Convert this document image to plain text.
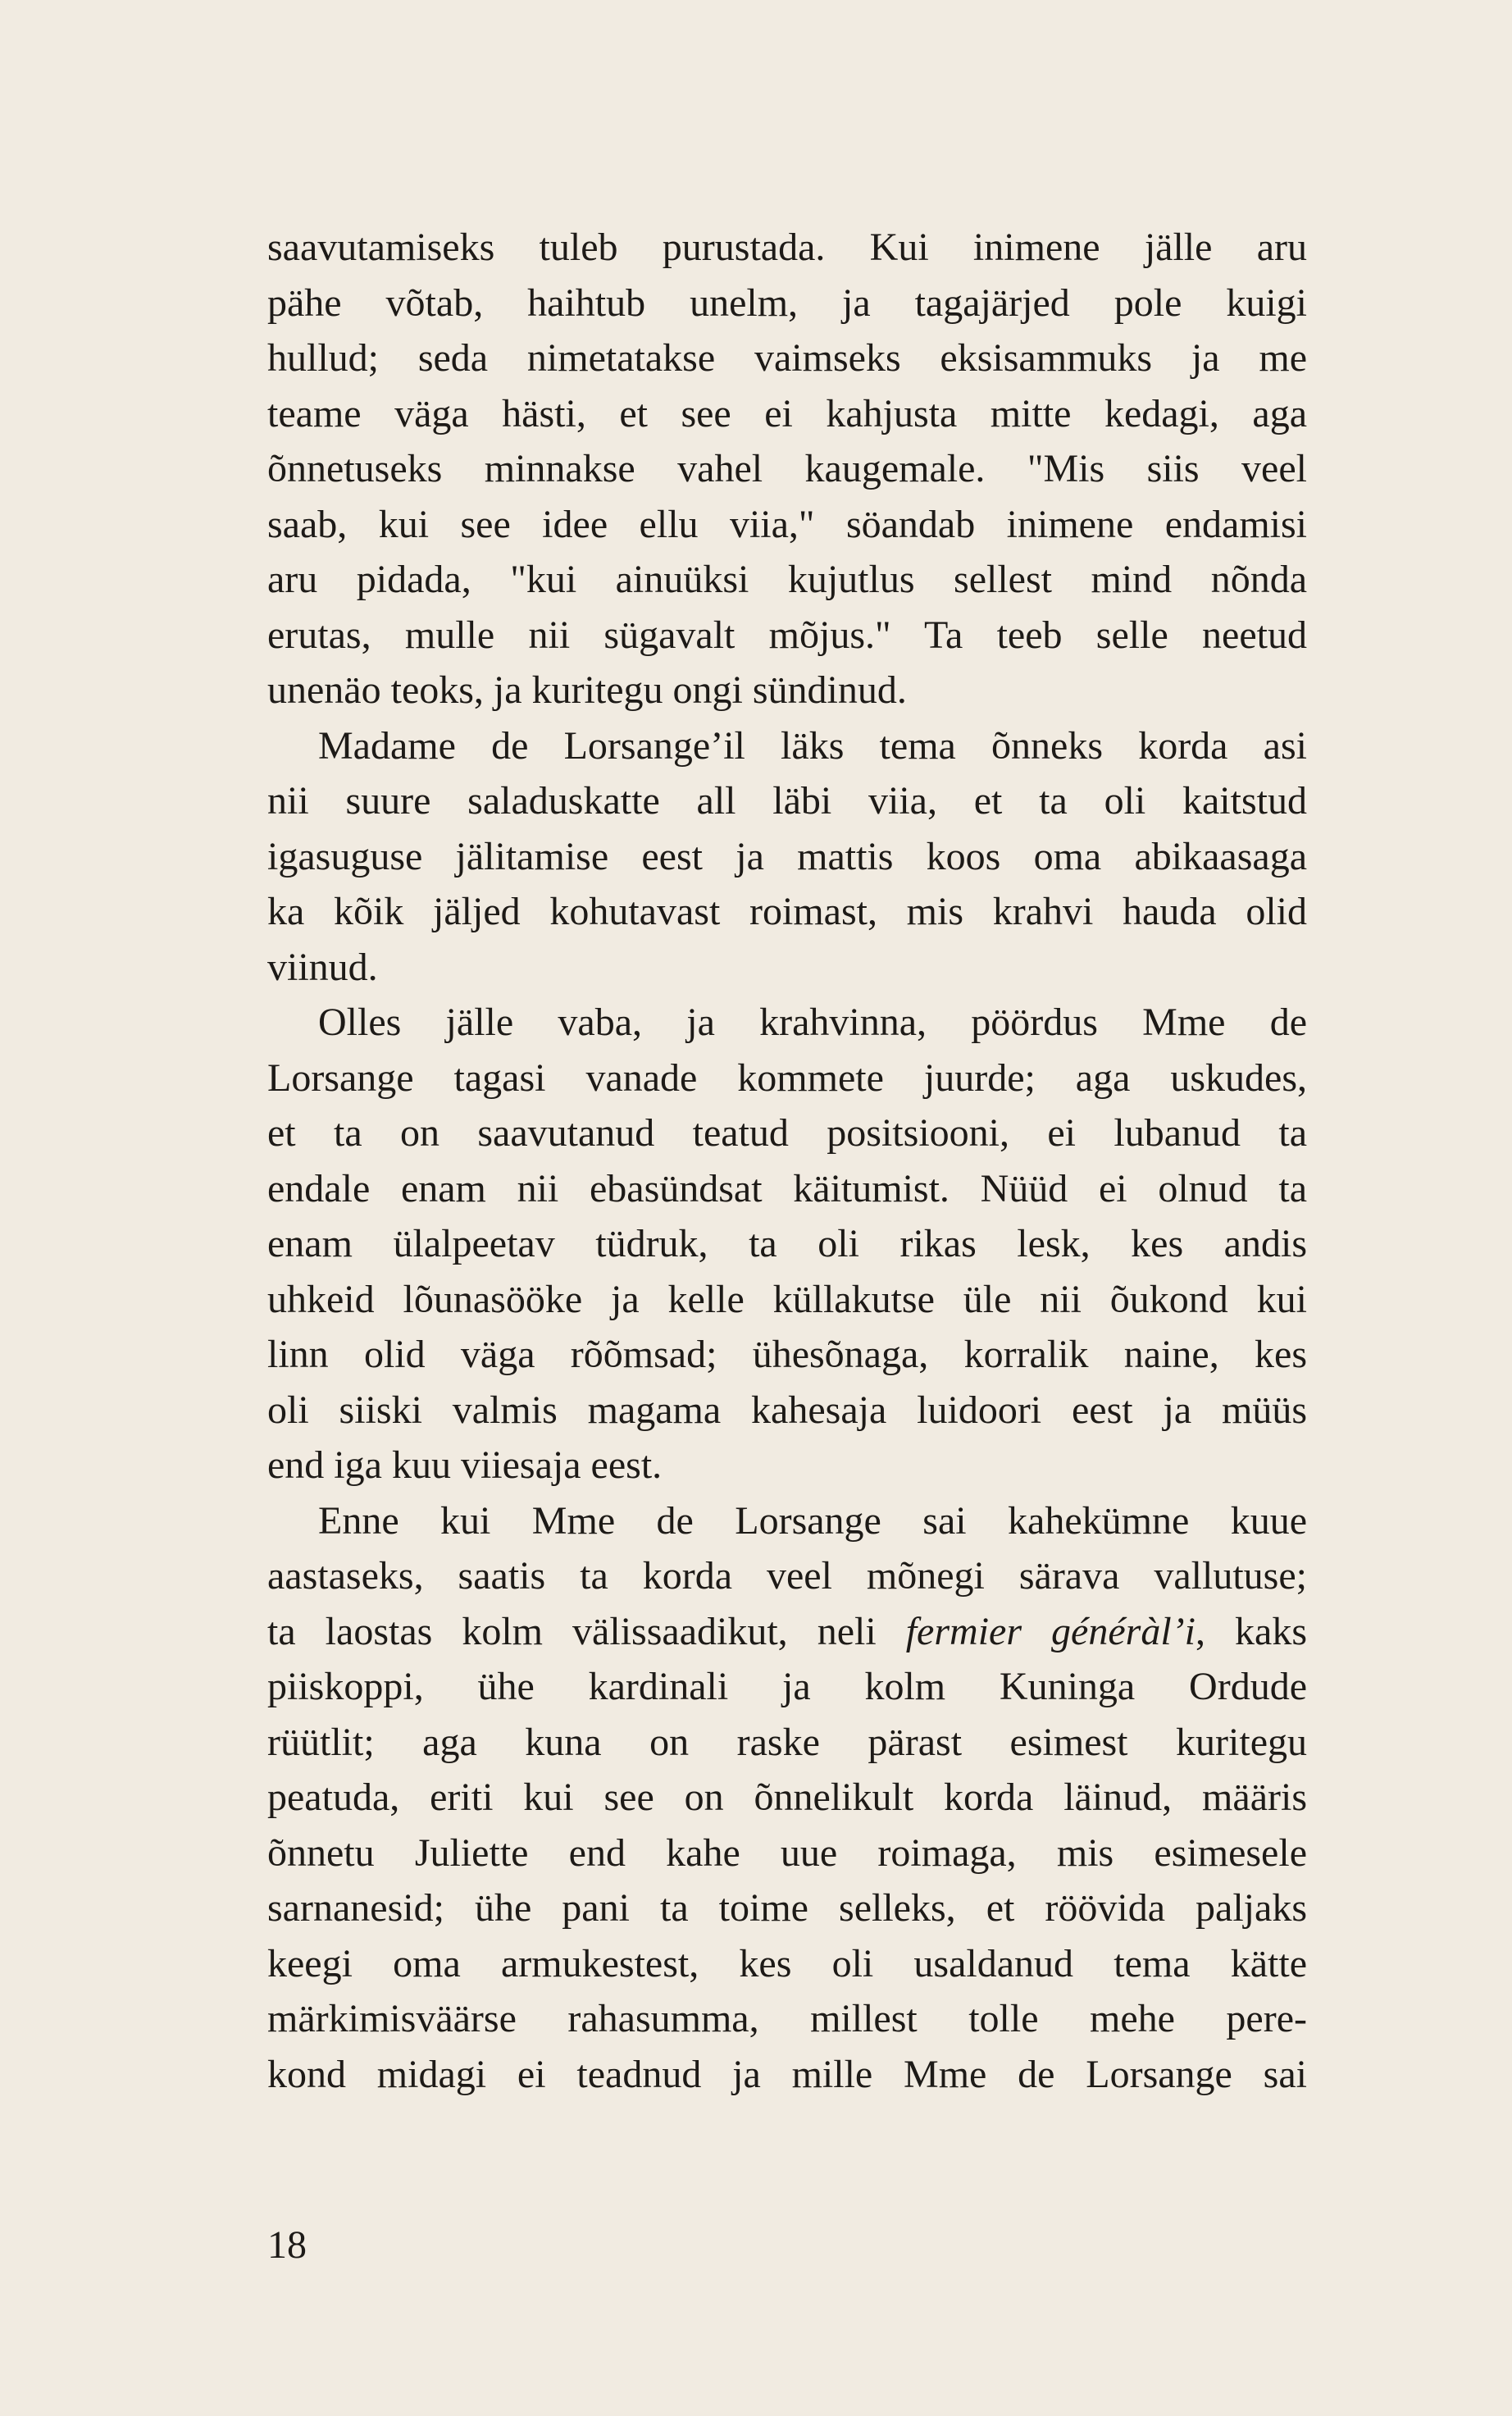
saavutamiseks tuleb purustada. Kui inimene jälle aru
pähe võtab, haihtub unelm, ja tagajärjed pole kuigi
hullud; seda nimetatakse vaimseks eksisammuks ja me
teame väga hästi, et see ei kahjusta mitte kedagi, aga
õnnetuseks minnakse vahel kaugemale. "Mis siis veel
saab, kui see idee ellu viia," söandab inimene endamisi
aru pidada, "kui ainuüksi kujutlus sellest mind nõnda
erutas, mulle nii sügavalt mõjus." Ta teeb selle neetud
unenäo teoks, ja kuritegu ongi sündinud.
Madame de Lorsange’il läks tema õnneks korda asi
nii suure saladuskatte all läbi viia, et ta oli kaitstud
igasuguse jälitamise eest ja mattis koos oma abikaasaga
ka kõik jäljed kohutavast roimast, mis krahvi hauda olid
viinud.
Olles jälle vaba, ja krahvinna, pöördus Mme de
Lorsange tagasi vanade kommete juurde; aga uskudes,
et ta on saavutanud teatud positsiooni, ei lubanud ta
endale enam nii ebasündsat käitumist. Nüüd ei olnud ta
enam ülalpeetav tüdruk, ta oli rikas lesk, kes andis
uhkeid lõunasööke ja kelle küllakutse üle nii õukond kui
linn olid väga rõõmsad; ühesõnaga, korralik naine, kes
oli siiski valmis magama kahesaja luidoori eest ja müüs
end iga kuu viiesaja eest.
Enne kui Mme de Lorsange sai kahekümne kuue
aastaseks, saatis ta korda veel mõnegi särava vallutuse;
ta laostas kolm välissaadikut, neli fermier généràl’i, kaks
piiskoppi, ühe kardinali ja kolm Kuninga Ordude
rüütlit; aga kuna on raske pärast esimest kuritegu
peatuda, eriti kui see on õnnelikult korda läinud, määris
õnnetu Juliette end kahe uue roimaga, mis esimesele
sarnanesid; ühe pani ta toime selleks, et röövida paljaks
keegi oma armukestest, kes oli usaldanud tema kätte
märkimisväärse rahasumma, millest tolle mehe pere-
kond midagi ei teadnud ja mille Mme de Lorsange sai
18
